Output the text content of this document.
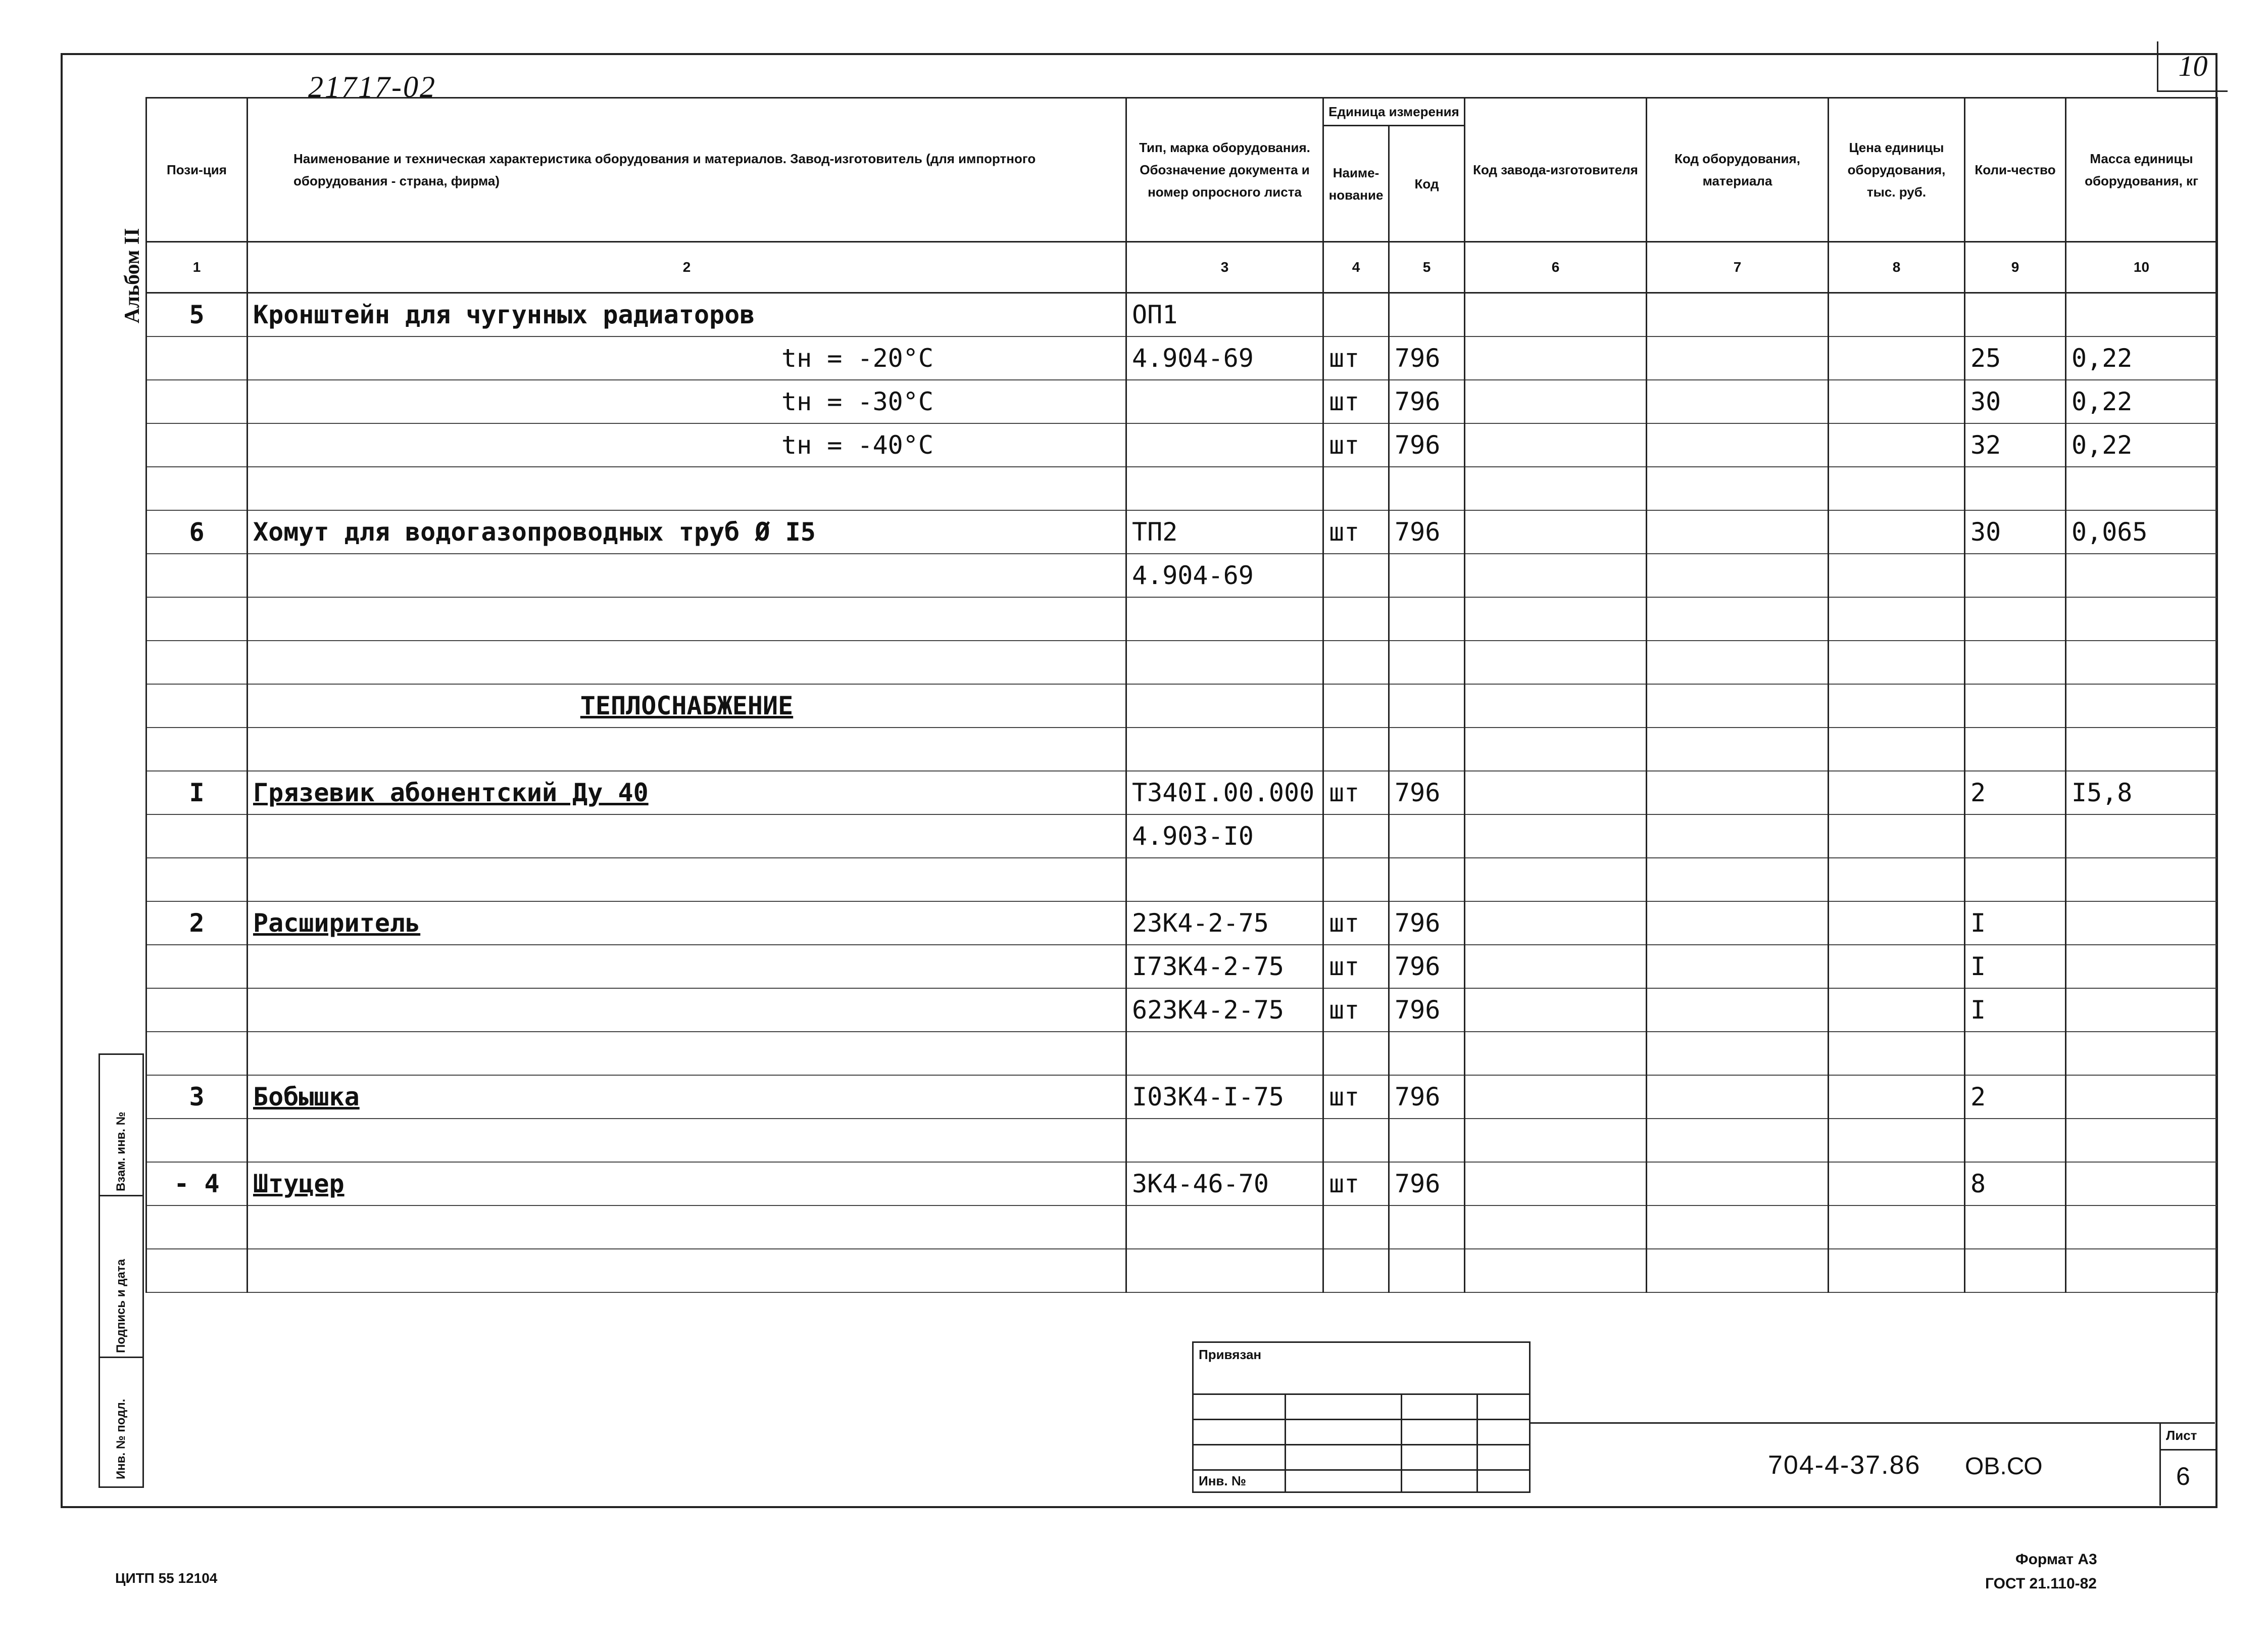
10
21717-02
Альбом II
Пози-ция	Наименование и техническая характеристика оборудования и материалов. Завод-изготовитель (для импортного оборудования - страна, фирма)	Тип, марка оборудования. Обозначение документа и номер опросного листа	Единица измерения		Код завода-изготовителя	Код оборудования, материала	Цена единицы оборудования, тыс. руб.	Коли-чество	Масса единицы оборудования, кг
			Наиме-нование	Код					
1	2	3	4	5	6	7	8	9	10
5	Кронштейн для чугунных радиаторов	ОП1							
	tн = -20°С	4.904-69	шт	796				25	0,22
	tн = -30°С		шт	796				30	0,22
	tн = -40°С		шт	796				32	0,22

6	Хомут для водогазопроводных труб Ø I5	ТП2	шт	796				30	0,065
		4.904-69							

	ТЕПЛОСНАБЖЕНИЕ								

I	Грязевик абонентский Ду 40	Т340I.00.000	шт	796				2	I5,8
		4.903-I0							

2	Расширитель	23К4-2-75	шт	796				I	
		I73К4-2-75	шт	796				I	
		623К4-2-75	шт	796				I	

3	Бобышка	I03К4-I-75	шт	796				2	

- 4	Штуцер	3К4-46-70	шт	796				8	

Привязан
Инв. №
704-4-37.86 ОВ.СО
Лист
6
Взам. инв. №
Подпись и дата
Инв. № подл.
ЦИТП 55 12104
Формат А3
ГОСТ 21.110-82
